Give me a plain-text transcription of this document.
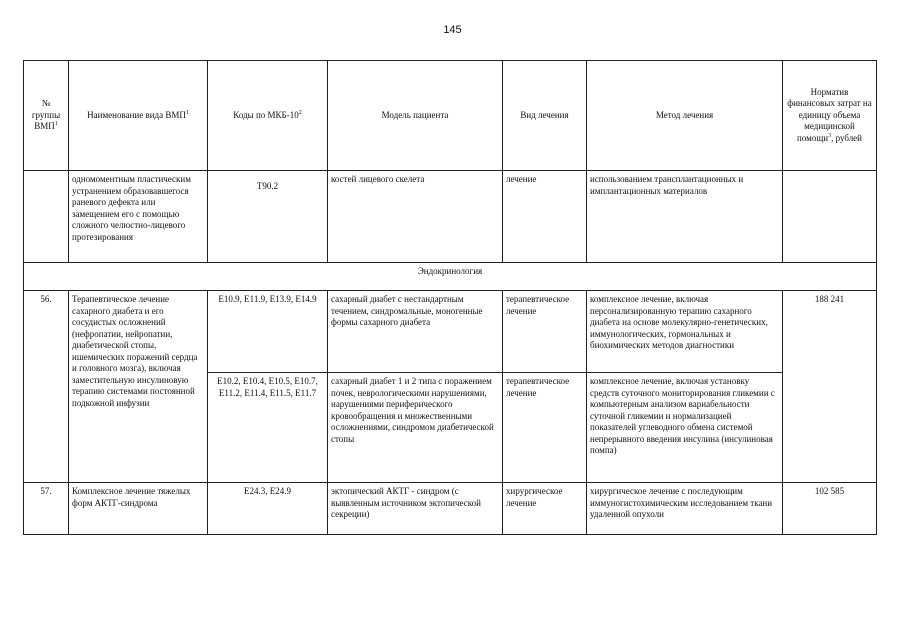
145
№ группы ВМП$^1$	Наименование вида ВМП$^1$	Коды по МКБ-$10^2$	Модель пациента	Вид лечения	Метод лечения	Норматив финансовых затрат на единицу объема медицинской помощи$^3$, рублей
	одномоментным пластическим устранением образовавшегося раневого дефекта или замещением его с помощью сложного челюстно-лицевого протезирования	T90.2	костей лицевого скелета	лечение	использованием трансплантационных и имплантационных материалов	
Эндокринология						
56.	Терапевтическое лечение сахарного диабета и его сосудистых осложнений (нефропатии, нейропатии, диабетической стопы, ишемических поражений сердца и головного мозга), включая заместительную инсулиновую терапию системами постоянной подкожной инфузии	E10.9, E11.9, E13.9, E14.9	сахарный диабет с нестандартным течением, синдромальные, моногенные формы сахарного диабета	терапевтическое лечение	комплексное лечение, включая персонализированную терапию сахарного диабета на основе молекулярно-генетических, иммунологических, гормональных и биохимических методов диагностики	188 241
		E10.2, E10.4, E10.5, E10.7, E11.2, E11.4, E11.5, E11.7	сахарный диабет 1 и 2 типа с поражением почек, неврологическими нарушениями, нарушениями периферического кровообращения и множественными осложнениями, синдромом диабетической стопы	терапевтическое лечение	комплексное лечение, включая установку средств суточного мониторирования гликемии с компьютерным анализом вариабельности суточной гликемии и нормализацией показателей углеводного обмена системой непрерывного введения инсулина (инсулиновая помпа)	
57.	Комплексное лечение тяжелых форм АКТГ-синдрома	E24.3, E24.9	эктопический АКТГ - синдром (с выявленным источником эктопической секреции)	хирургическое лечение	хирургическое лечение с последующим иммуногистохимическим исследованием ткани удаленной опухоли	102 585
